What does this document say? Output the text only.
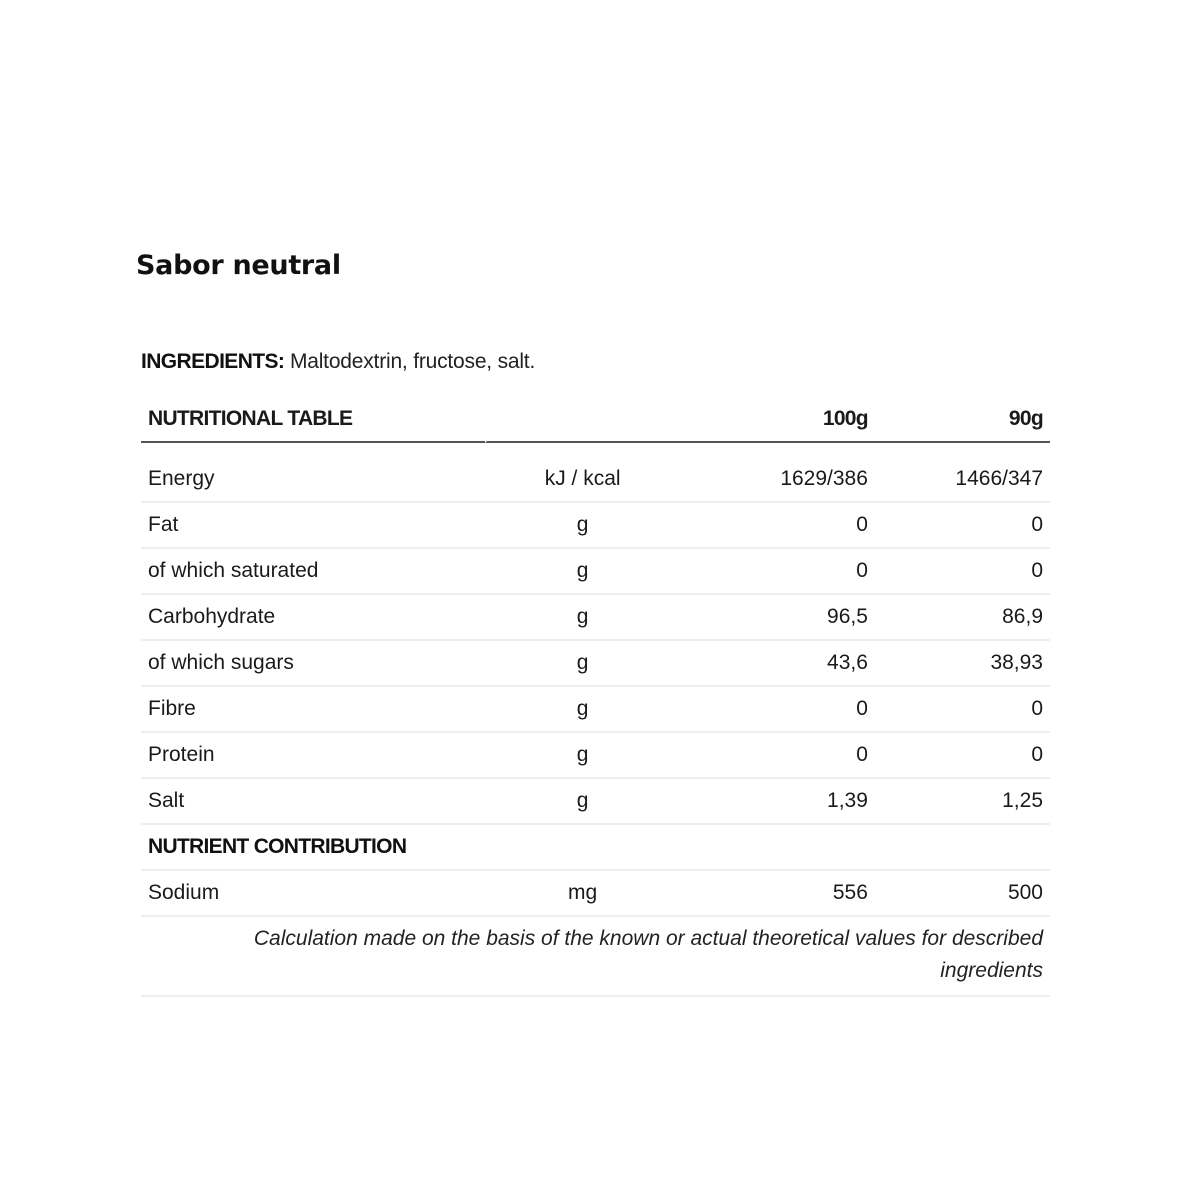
Sabor neutral
INGREDIENTS: Maltodextrin, fructose, salt.
NUTRITIONAL TABLE		100g	90g

Energy	kJ / kcal	1629/386	1466/347
Fat	g	0	0
of which saturated	g	0	0
Carbohydrate	g	96,5	86,9
of which sugars	g	43,6	38,93
Fibre	g	0	0
Protein	g	0	0
Salt	g	1,39	1,25
NUTRIENT CONTRIBUTION			
Sodium	mg	556	500
Calculation made on the basis of the known or actual theoretical values for described ingredients			
